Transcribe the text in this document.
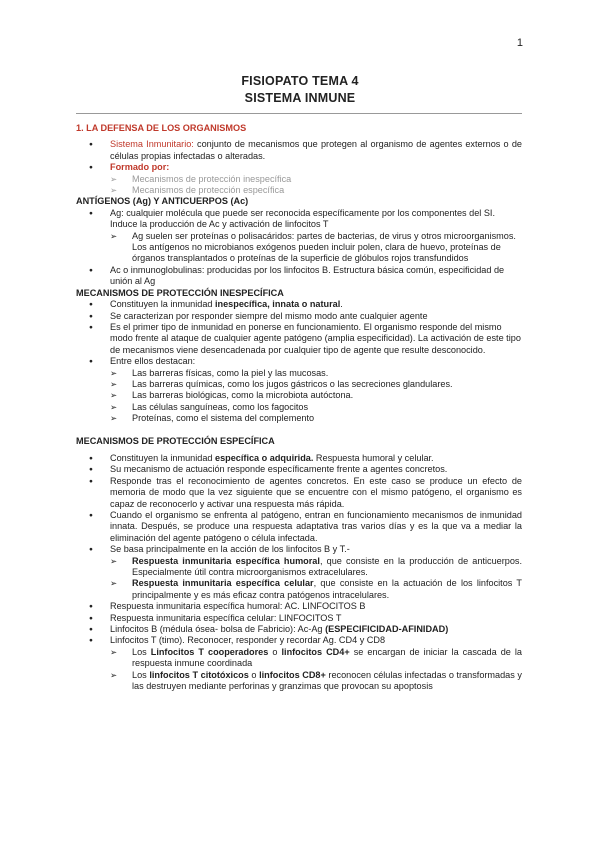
1
FISIOPATO TEMA 4
SISTEMA INMUNE
1. LA DEFENSA DE LOS ORGANISMOS
● Sistema Inmunitario: conjunto de mecanismos que protegen al organismo de agentes externos o de células propias infectadas o alteradas.
● Formado por:
➢ Mecanismos de protección inespecífica
➢ Mecanismos de protección específica
ANTÍGENOS (Ag) Y ANTICUERPOS (Ac)
● Ag: cualquier molécula que puede ser reconocida específicamente por los componentes del SI. Induce la producción de Ac y activación de linfocitos T
➢ Ag suelen ser proteínas o polisacáridos: partes de bacterias, de virus y otros microorganismos. Los antígenos no microbianos exógenos pueden incluir polen, clara de huevo, proteínas de órganos transplantados o proteínas de la superficie de glóbulos rojos transfundidos
● Ac o inmunoglobulinas: producidas por los linfocitos B. Estructura básica común, especificidad de unión al Ag
MECANISMOS DE PROTECCIÓN INESPECÍFICA
● Constituyen la inmunidad inespecífica, innata o natural.
● Se caracterizan por responder siempre del mismo modo ante cualquier agente
● Es el primer tipo de inmunidad en ponerse en funcionamiento. El organismo responde del mismo modo frente al ataque de cualquier agente patógeno (amplia especificidad). La activación de este tipo de mecanismos viene desencadenada por cualquier tipo de agente que resulte desconocido.
● Entre ellos destacan:
➢ Las barreras físicas, como la piel y las mucosas.
➢ Las barreras químicas, como los jugos gástricos o las secreciones glandulares.
➢ Las barreras biológicas, como la microbiota autóctona.
➢ Las células sanguíneas, como los fagocitos
➢ Proteínas, como el sistema del complemento
MECANISMOS DE PROTECCIÓN ESPECÍFICA
● Constituyen la inmunidad específica o adquirida. Respuesta humoral y celular.
● Su mecanismo de actuación responde específicamente frente a agentes concretos.
● Responde tras el reconocimiento de agentes concretos. En este caso se produce un efecto de memoria de modo que la vez siguiente que se encuentre con el mismo patógeno, el organismo es capaz de reconocerlo y activar una respuesta más rápida.
● Cuando el organismo se enfrenta al patógeno, entran en funcionamiento mecanismos de inmunidad innata. Después, se produce una respuesta adaptativa tras varios días y es la que va a mediar la eliminación del agente patógeno o célula infectada.
● Se basa principalmente en la acción de los linfocitos B y T.-
➢ Respuesta inmunitaria específica humoral, que consiste en la producción de anticuerpos. Especialmente útil contra microorganismos extracelulares.
➢ Respuesta inmunitaria específica celular, que consiste en la actuación de los linfocitos T principalmente y es más eficaz contra patógenos intracelulares.
● Respuesta inmunitaria específica humoral: AC. LINFOCITOS B
● Respuesta inmunitaria específica celular: LINFOCITOS T
● Linfocitos B (médula ósea- bolsa de Fabricio): Ac-Ag (ESPECIFICIDAD-AFINIDAD)
● Linfocitos T (timo). Reconocer, responder y recordar Ag. CD4 y CD8
➢ Los Linfocitos T cooperadores o linfocitos CD4+ se encargan de iniciar la cascada de la respuesta inmune coordinada
➢ Los linfocitos T citotóxicos o linfocitos CD8+ reconocen células infectadas o transformadas y las destruyen mediante perforinas y granzimas que provocan su apoptosis
